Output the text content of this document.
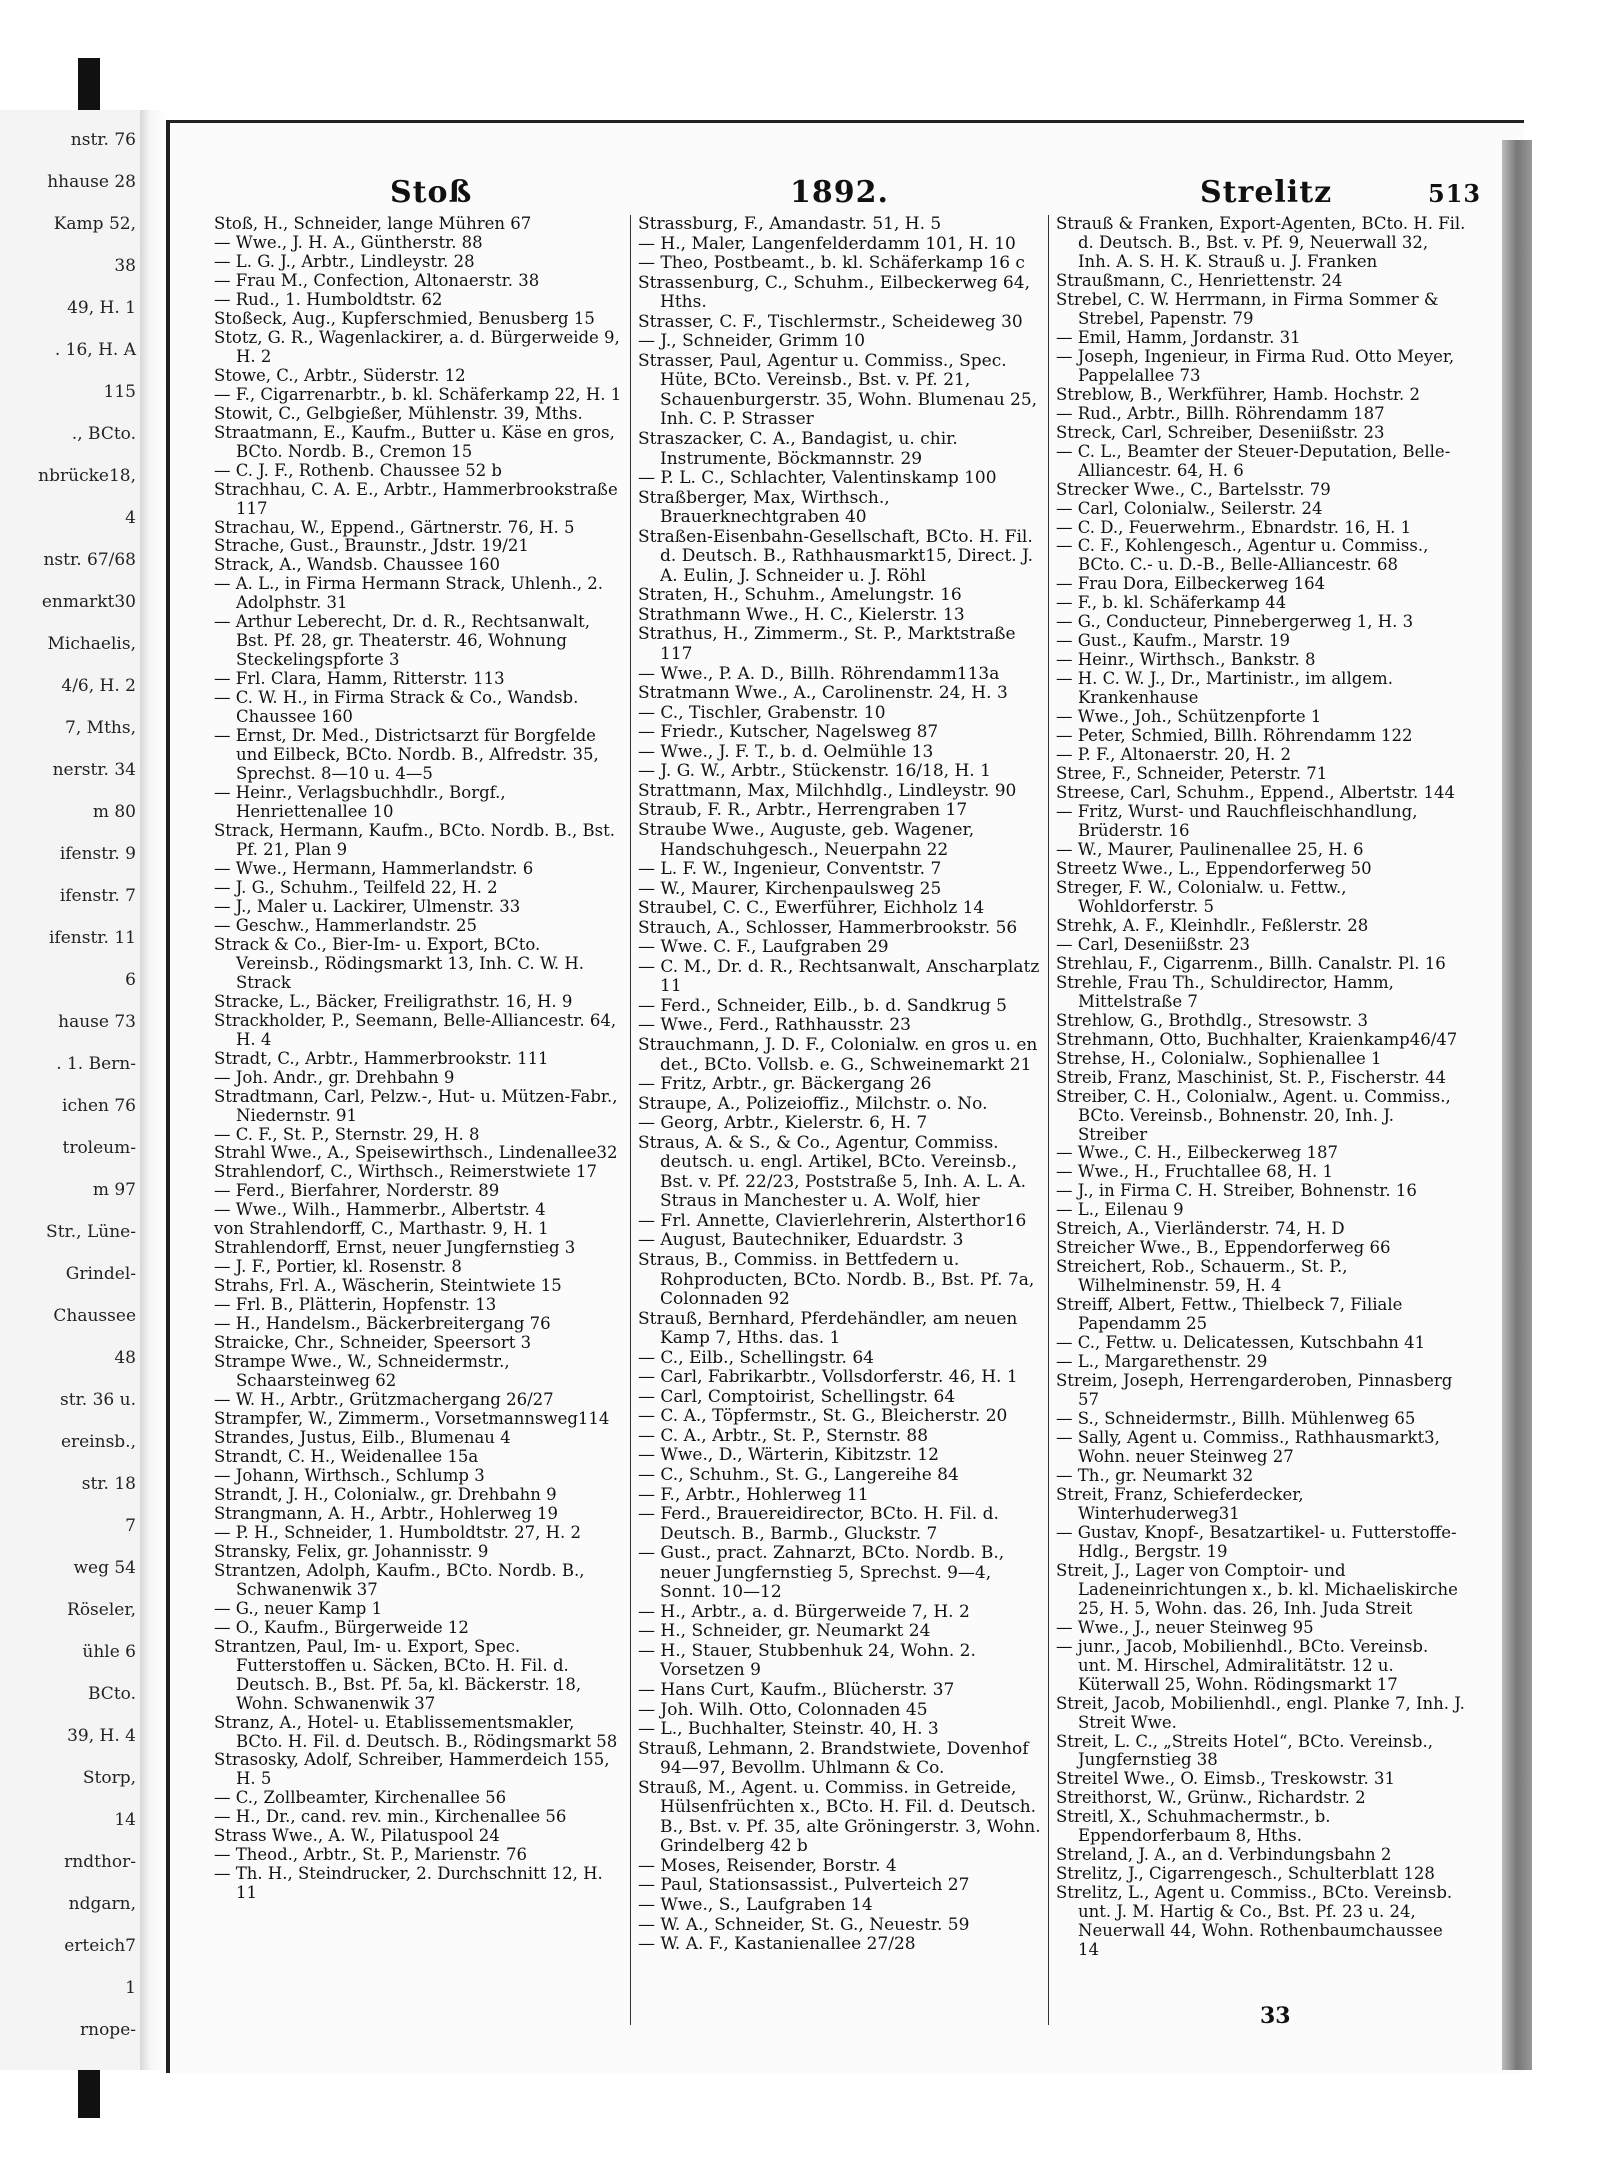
nstr. 76
hhause 28
Kamp 52,
38
49, H. 1
. 16, H. A
115
., BCto.
nbrücke18,
4
nstr. 67/68
enmarkt30
Michaelis,
4/6, H. 2
7, Mths,
nerstr. 34
m 80
ifenstr. 9
ifenstr. 7
ifenstr. 11
6
hause 73
. 1. Bern-
ichen 76
troleum-
m 97
Str., Lüne-
Grindel-
Chaussee
48
str. 36 u.
ereinsb.,
str. 18
7
weg 54
Röseler,
ühle 6
BCto.
39, H. 4
Storp,
14
rndthor-
ndgarn,
erteich7
1
rnope-
Stoß	1892.	Strelitz	513

Stoß, H., Schneider, lange Mühren 67

— Wwe., J. H. A., Güntherstr. 88

— L. G. J., Arbtr., Lindleystr. 28

— Frau M., Confection, Altonaerstr. 38

— Rud., 1. Humboldtstr. 62

Stoßeck, Aug., Kupferschmied, Benusberg 15

Stotz, G. R., Wagenlackirer, a. d. Bürgerweide 9, H. 2

Stowe, C., Arbtr., Süderstr. 12

— F., Cigarrenarbtr., b. kl. Schäferkamp 22, H. 1

Stowit, C., Gelbgießer, Mühlenstr. 39, Mths.

Straatmann, E., Kaufm., Butter u. Käse en gros, BCto. Nordb. B., Cremon 15

— C. J. F., Rothenb. Chaussee 52 b

Strachhau, C. A. E., Arbtr., Hammerbrookstraße 117

Strachau, W., Eppend., Gärtnerstr. 76, H. 5

Strache, Gust., Braunstr., Jdstr. 19/21

Strack, A., Wandsb. Chaussee 160

— A. L., in Firma Hermann Strack, Uhlenh., 2. Adolphstr. 31

— Arthur Leberecht, Dr. d. R., Rechtsanwalt, Bst. Pf. 28, gr. Theaterstr. 46, Wohnung Steckelingspforte 3

— Frl. Clara, Hamm, Ritterstr. 113

— C. W. H., in Firma Strack & Co., Wandsb. Chaussee 160

— Ernst, Dr. Med., Districtsarzt für Borgfelde und Eilbeck, BCto. Nordb. B., Alfredstr. 35, Sprechst. 8—10 u. 4—5

— Heinr., Verlagsbuchhdlr., Borgf., Henriettenallee 10

Strack, Hermann, Kaufm., BCto. Nordb. B., Bst. Pf. 21, Plan 9

— Wwe., Hermann, Hammerlandstr. 6

— J. G., Schuhm., Teilfeld 22, H. 2

— J., Maler u. Lackirer, Ulmenstr. 33

— Geschw., Hammerlandstr. 25

Strack & Co., Bier-Im- u. Export, BCto. Vereinsb., Rödingsmarkt 13, Inh. C. W. H. Strack

Stracke, L., Bäcker, Freiligrathstr. 16, H. 9

Strackholder, P., Seemann, Belle-Alliancestr. 64, H. 4

Stradt, C., Arbtr., Hammerbrookstr. 111

— Joh. Andr., gr. Drehbahn 9

Stradtmann, Carl, Pelzw.-, Hut- u. Mützen-Fabr., Niedernstr. 91

— C. F., St. P., Sternstr. 29, H. 8

Strahl Wwe., A., Speisewirthsch., Lindenallee32

Strahlendorf, C., Wirthsch., Reimerstwiete 17

— Ferd., Bierfahrer, Norderstr. 89

— Wwe., Wilh., Hammerbr., Albertstr. 4

von Strahlendorff, C., Marthastr. 9, H. 1

Strahlendorff, Ernst, neuer Jungfernstieg 3

— J. F., Portier, kl. Rosenstr. 8

Strahs, Frl. A., Wäscherin, Steintwiete 15

— Frl. B., Plätterin, Hopfenstr. 13

— H., Handelsm., Bäckerbreitergang 76

Straicke, Chr., Schneider, Speersort 3

Strampe Wwe., W., Schneidermstr., Schaarsteinweg 62

— W. H., Arbtr., Grützmachergang 26/27

Strampfer, W., Zimmerm., Vorsetmannsweg114

Strandes, Justus, Eilb., Blumenau 4

Strandt, C. H., Weidenallee 15a

— Johann, Wirthsch., Schlump 3

Strandt, J. H., Colonialw., gr. Drehbahn 9

Strangmann, A. H., Arbtr., Hohlerweg 19

— P. H., Schneider, 1. Humboldtstr. 27, H. 2

Stransky, Felix, gr. Johannisstr. 9

Strantzen, Adolph, Kaufm., BCto. Nordb. B., Schwanenwik 37

— G., neuer Kamp 1

— O., Kaufm., Bürgerweide 12

Strantzen, Paul, Im- u. Export, Spec. Futterstoffen u. Säcken, BCto. H. Fil. d. Deutsch. B., Bst. Pf. 5a, kl. Bäckerstr. 18, Wohn. Schwanenwik 37

Stranz, A., Hotel- u. Etablissementsmakler, BCto. H. Fil. d. Deutsch. B., Rödingsmarkt 58

Strasosky, Adolf, Schreiber, Hammerdeich 155, H. 5

— C., Zollbeamter, Kirchenallee 56

— H., Dr., cand. rev. min., Kirchenallee 56

Strass Wwe., A. W., Pilatuspool 24

— Theod., Arbtr., St. P., Marienstr. 76

— Th. H., Steindrucker, 2. Durchschnitt 12, H. 11

Strassburg, F., Amandastr. 51, H. 5

— H., Maler, Langenfelderdamm 101, H. 10

— Theo, Postbeamt., b. kl. Schäferkamp 16 c

Strassenburg, C., Schuhm., Eilbeckerweg 64, Hths.

Strasser, C. F., Tischlermstr., Scheideweg 30

— J., Schneider, Grimm 10

Strasser, Paul, Agentur u. Commiss., Spec. Hüte, BCto. Vereinsb., Bst. v. Pf. 21, Schauenburgerstr. 35, Wohn. Blumenau 25, Inh. C. P. Strasser

Straszacker, C. A., Bandagist, u. chir. Instrumente, Böckmannstr. 29

— P. L. C., Schlachter, Valentinskamp 100

Straßberger, Max, Wirthsch., Brauerknechtgraben 40

Straßen-Eisenbahn-Gesellschaft, BCto. H. Fil. d. Deutsch. B., Rathhausmarkt15, Direct. J. A. Eulin, J. Schneider u. J. Röhl

Straten, H., Schuhm., Amelungstr. 16

Strathmann Wwe., H. C., Kielerstr. 13

Strathus, H., Zimmerm., St. P., Marktstraße 117

— Wwe., P. A. D., Billh. Röhrendamm113a

Stratmann Wwe., A., Carolinenstr. 24, H. 3

— C., Tischler, Grabenstr. 10

— Friedr., Kutscher, Nagelsweg 87

— Wwe., J. F. T., b. d. Oelmühle 13

— J. G. W., Arbtr., Stückenstr. 16/18, H. 1

Strattmann, Max, Milchhdlg., Lindleystr. 90

Straub, F. R., Arbtr., Herrengraben 17

Straube Wwe., Auguste, geb. Wagener, Handschuhgesch., Neuerpahn 22

— L. F. W., Ingenieur, Conventstr. 7

— W., Maurer, Kirchenpaulsweg 25

Straubel, C. C., Ewerführer, Eichholz 14

Strauch, A., Schlosser, Hammerbrookstr. 56

— Wwe. C. F., Laufgraben 29

— C. M., Dr. d. R., Rechtsanwalt, Anscharplatz 11

— Ferd., Schneider, Eilb., b. d. Sandkrug 5

— Wwe., Ferd., Rathhausstr. 23

Strauchmann, J. D. F., Colonialw. en gros u. en det., BCto. Vollsb. e. G., Schweinemarkt 21

— Fritz, Arbtr., gr. Bäckergang 26

Straupe, A., Polizeioffiz., Milchstr. o. No.

— Georg, Arbtr., Kielerstr. 6, H. 7

Straus, A. & S., & Co., Agentur, Commiss. deutsch. u. engl. Artikel, BCto. Vereinsb., Bst. v. Pf. 22/23, Poststraße 5, Inh. A. L. A. Straus in Manchester u. A. Wolf, hier

— Frl. Annette, Clavierlehrerin, Alsterthor16

— August, Bautechniker, Eduardstr. 3

Straus, B., Commiss. in Bettfedern u. Rohproducten, BCto. Nordb. B., Bst. Pf. 7a, Colonnaden 92

Strauß, Bernhard, Pferdehändler, am neuen Kamp 7, Hths. das. 1

— C., Eilb., Schellingstr. 64

— Carl, Fabrikarbtr., Vollsdorferstr. 46, H. 1

— Carl, Comptoirist, Schellingstr. 64

— C. A., Töpfermstr., St. G., Bleicherstr. 20

— C. A., Arbtr., St. P., Sternstr. 88

— Wwe., D., Wärterin, Kibitzstr. 12

— C., Schuhm., St. G., Langereihe 84

— F., Arbtr., Hohlerweg 11

— Ferd., Brauereidirector, BCto. H. Fil. d. Deutsch. B., Barmb., Gluckstr. 7

— Gust., pract. Zahnarzt, BCto. Nordb. B., neuer Jungfernstieg 5, Sprechst. 9—4, Sonnt. 10—12

— H., Arbtr., a. d. Bürgerweide 7, H. 2

— H., Schneider, gr. Neumarkt 24

— H., Stauer, Stubbenhuk 24, Wohn. 2. Vorsetzen 9

— Hans Curt, Kaufm., Blücherstr. 37

— Joh. Wilh. Otto, Colonnaden 45

— L., Buchhalter, Steinstr. 40, H. 3

Strauß, Lehmann, 2. Brandstwiete, Dovenhof 94—97, Bevollm. Uhlmann & Co.

Strauß, M., Agent. u. Commiss. in Getreide, Hülsenfrüchten x., BCto. H. Fil. d. Deutsch. B., Bst. v. Pf. 35, alte Gröningerstr. 3, Wohn. Grindelberg 42 b

— Moses, Reisender, Borstr. 4

— Paul, Stationsassist., Pulverteich 27

— Wwe., S., Laufgraben 14

— W. A., Schneider, St. G., Neuestr. 59

— W. A. F., Kastanienallee 27/28

Strauß & Franken, Export-Agenten, BCto. H. Fil. d. Deutsch. B., Bst. v. Pf. 9, Neuerwall 32, Inh. A. S. H. K. Strauß u. J. Franken

Straußmann, C., Henriettenstr. 24

Strebel, C. W. Herrmann, in Firma Sommer & Strebel, Papenstr. 79

— Emil, Hamm, Jordanstr. 31

— Joseph, Ingenieur, in Firma Rud. Otto Meyer, Pappelallee 73

Streblow, B., Werkführer, Hamb. Hochstr. 2

— Rud., Arbtr., Billh. Röhrendamm 187

Streck, Carl, Schreiber, Deseniißstr. 23

— C. L., Beamter der Steuer-Deputation, Belle-Alliancestr. 64, H. 6

Strecker Wwe., C., Bartelsstr. 79

— Carl, Colonialw., Seilerstr. 24

— C. D., Feuerwehrm., Ebnardstr. 16, H. 1

— C. F., Kohlengesch., Agentur u. Commiss., BCto. C.- u. D.-B., Belle-Alliancestr. 68

— Frau Dora, Eilbeckerweg 164

— F., b. kl. Schäferkamp 44

— G., Conducteur, Pinnebergerweg 1, H. 3

— Gust., Kaufm., Marstr. 19

— Heinr., Wirthsch., Bankstr. 8

— H. C. W. J., Dr., Martinistr., im allgem. Krankenhause

— Wwe., Joh., Schützenpforte 1

— Peter, Schmied, Billh. Röhrendamm 122

— P. F., Altonaerstr. 20, H. 2

Stree, F., Schneider, Peterstr. 71

Streese, Carl, Schuhm., Eppend., Albertstr. 144

— Fritz, Wurst- und Rauchfleischhandlung, Brüderstr. 16

— W., Maurer, Paulinenallee 25, H. 6

Streetz Wwe., L., Eppendorferweg 50

Streger, F. W., Colonialw. u. Fettw., Wohldorferstr. 5

Strehk, A. F., Kleinhdlr., Feßlerstr. 28

— Carl, Deseniißstr. 23

Strehlau, F., Cigarrenm., Billh. Canalstr. Pl. 16

Strehle, Frau Th., Schuldirector, Hamm, Mittelstraße 7

Strehlow, G., Brothdlg., Stresowstr. 3

Strehmann, Otto, Buchhalter, Kraienkamp46/47

Strehse, H., Colonialw., Sophienallee 1

Streib, Franz, Maschinist, St. P., Fischerstr. 44

Streiber, C. H., Colonialw., Agent. u. Commiss., BCto. Vereinsb., Bohnenstr. 20, Inh. J. Streiber

— Wwe., C. H., Eilbeckerweg 187

— Wwe., H., Fruchtallee 68, H. 1

— J., in Firma C. H. Streiber, Bohnenstr. 16

— L., Eilenau 9

Streich, A., Vierländerstr. 74, H. D

Streicher Wwe., B., Eppendorferweg 66

Streichert, Rob., Schauerm., St. P., Wilhelminenstr. 59, H. 4

Streiff, Albert, Fettw., Thielbeck 7, Filiale Papendamm 25

— C., Fettw. u. Delicatessen, Kutschbahn 41

— L., Margarethenstr. 29

Streim, Joseph, Herrengarderoben, Pinnasberg 57

— S., Schneidermstr., Billh. Mühlenweg 65

— Sally, Agent u. Commiss., Rathhausmarkt3, Wohn. neuer Steinweg 27

— Th., gr. Neumarkt 32

Streit, Franz, Schieferdecker, Winterhuderweg31

— Gustav, Knopf-, Besatzartikel- u. Futterstoffe-Hdlg., Bergstr. 19

Streit, J., Lager von Comptoir- und Ladeneinrichtungen x., b. kl. Michaeliskirche 25, H. 5, Wohn. das. 26, Inh. Juda Streit

— Wwe., J., neuer Steinweg 95

— junr., Jacob, Mobilienhdl., BCto. Vereinsb. unt. M. Hirschel, Admiralitätstr. 12 u. Küterwall 25, Wohn. Rödingsmarkt 17

Streit, Jacob, Mobilienhdl., engl. Planke 7, Inh. J. Streit Wwe.

Streit, L. C., „Streits Hotel“, BCto. Vereinsb., Jungfernstieg 38

Streitel Wwe., O. Eimsb., Treskowstr. 31

Streithorst, W., Grünw., Richardstr. 2

Streitl, X., Schuhmachermstr., b. Eppendorferbaum 8, Hths.

Streland, J. A., an d. Verbindungsbahn 2

Strelitz, J., Cigarrengesch., Schulterblatt 128

Strelitz, L., Agent u. Commiss., BCto. Vereinsb. unt. J. M. Hartig & Co., Bst. Pf. 23 u. 24, Neuerwall 44, Wohn. Rothenbaumchaussee 14

33
